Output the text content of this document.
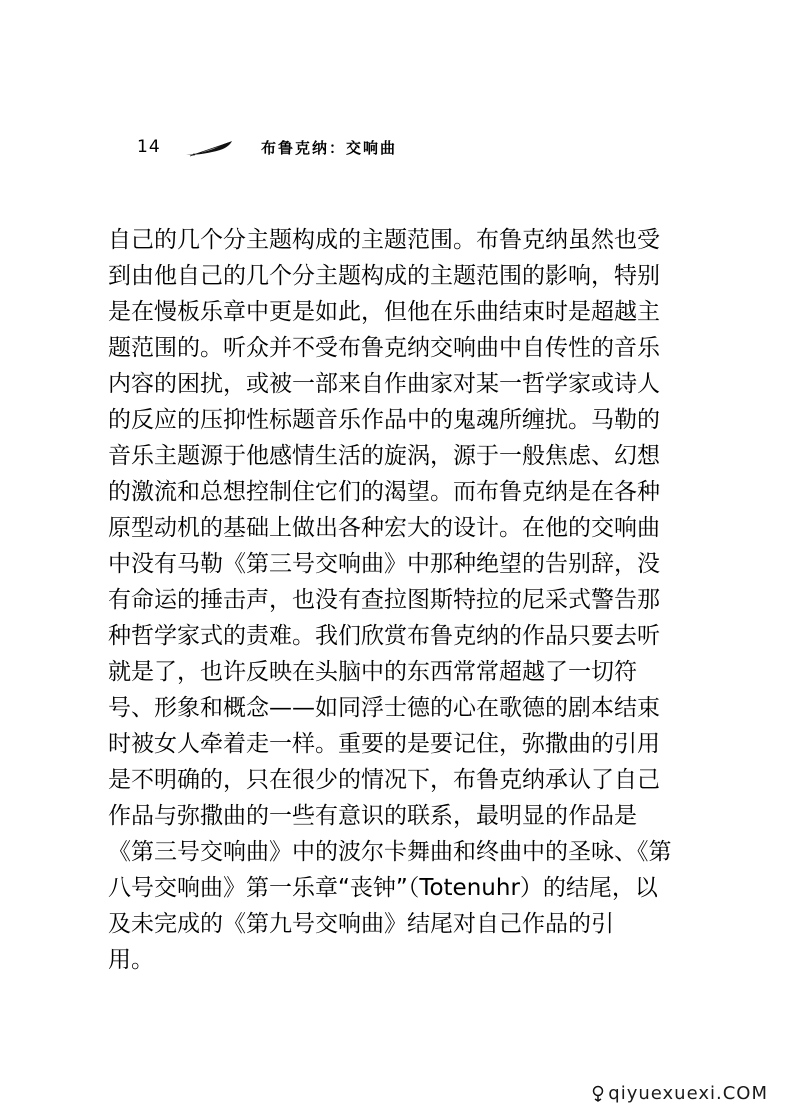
14	布鲁克纳：交响曲
自己的几个分主题构成的主题范围。布鲁克纳虽然也受
到由他自己的几个分主题构成的主题范围的影响，特别
是在慢板乐章中更是如此，但他在乐曲结束时是超越主
题范围的。听众并不受布鲁克纳交响曲中自传性的音乐
内容的困扰，或被一部来自作曲家对某一哲学家或诗人
的反应的压抑性标题音乐作品中的鬼魂所缠扰。马勒的
音乐主题源于他感情生活的旋涡，源于一般焦虑、幻想
的激流和总想控制住它们的渴望。而布鲁克纳是在各种
原型动机的基础上做出各种宏大的设计。在他的交响曲
中没有马勒《第三号交响曲》中那种绝望的告别辞，没
有命运的捶击声，也没有查拉图斯特拉的尼采式警告那
种哲学家式的责难。我们欣赏布鲁克纳的作品只要去听
就是了，也许反映在头脑中的东西常常超越了一切符
号、形象和概念——如同浮士德的心在歌德的剧本结束
时被女人牵着走一样。重要的是要记住，弥撒曲的引用
是不明确的，只在很少的情况下，布鲁克纳承认了自己
作品与弥撒曲的一些有意识的联系，最明显的作品是
《第三号交响曲》中的波尔卡舞曲和终曲中的圣咏、《第
八号交响曲》第一乐章“丧钟”（Totenuhr）的结尾，以
及未完成的《第九号交响曲》结尾对自己作品的引
用。
qiyuexuexi.COM
